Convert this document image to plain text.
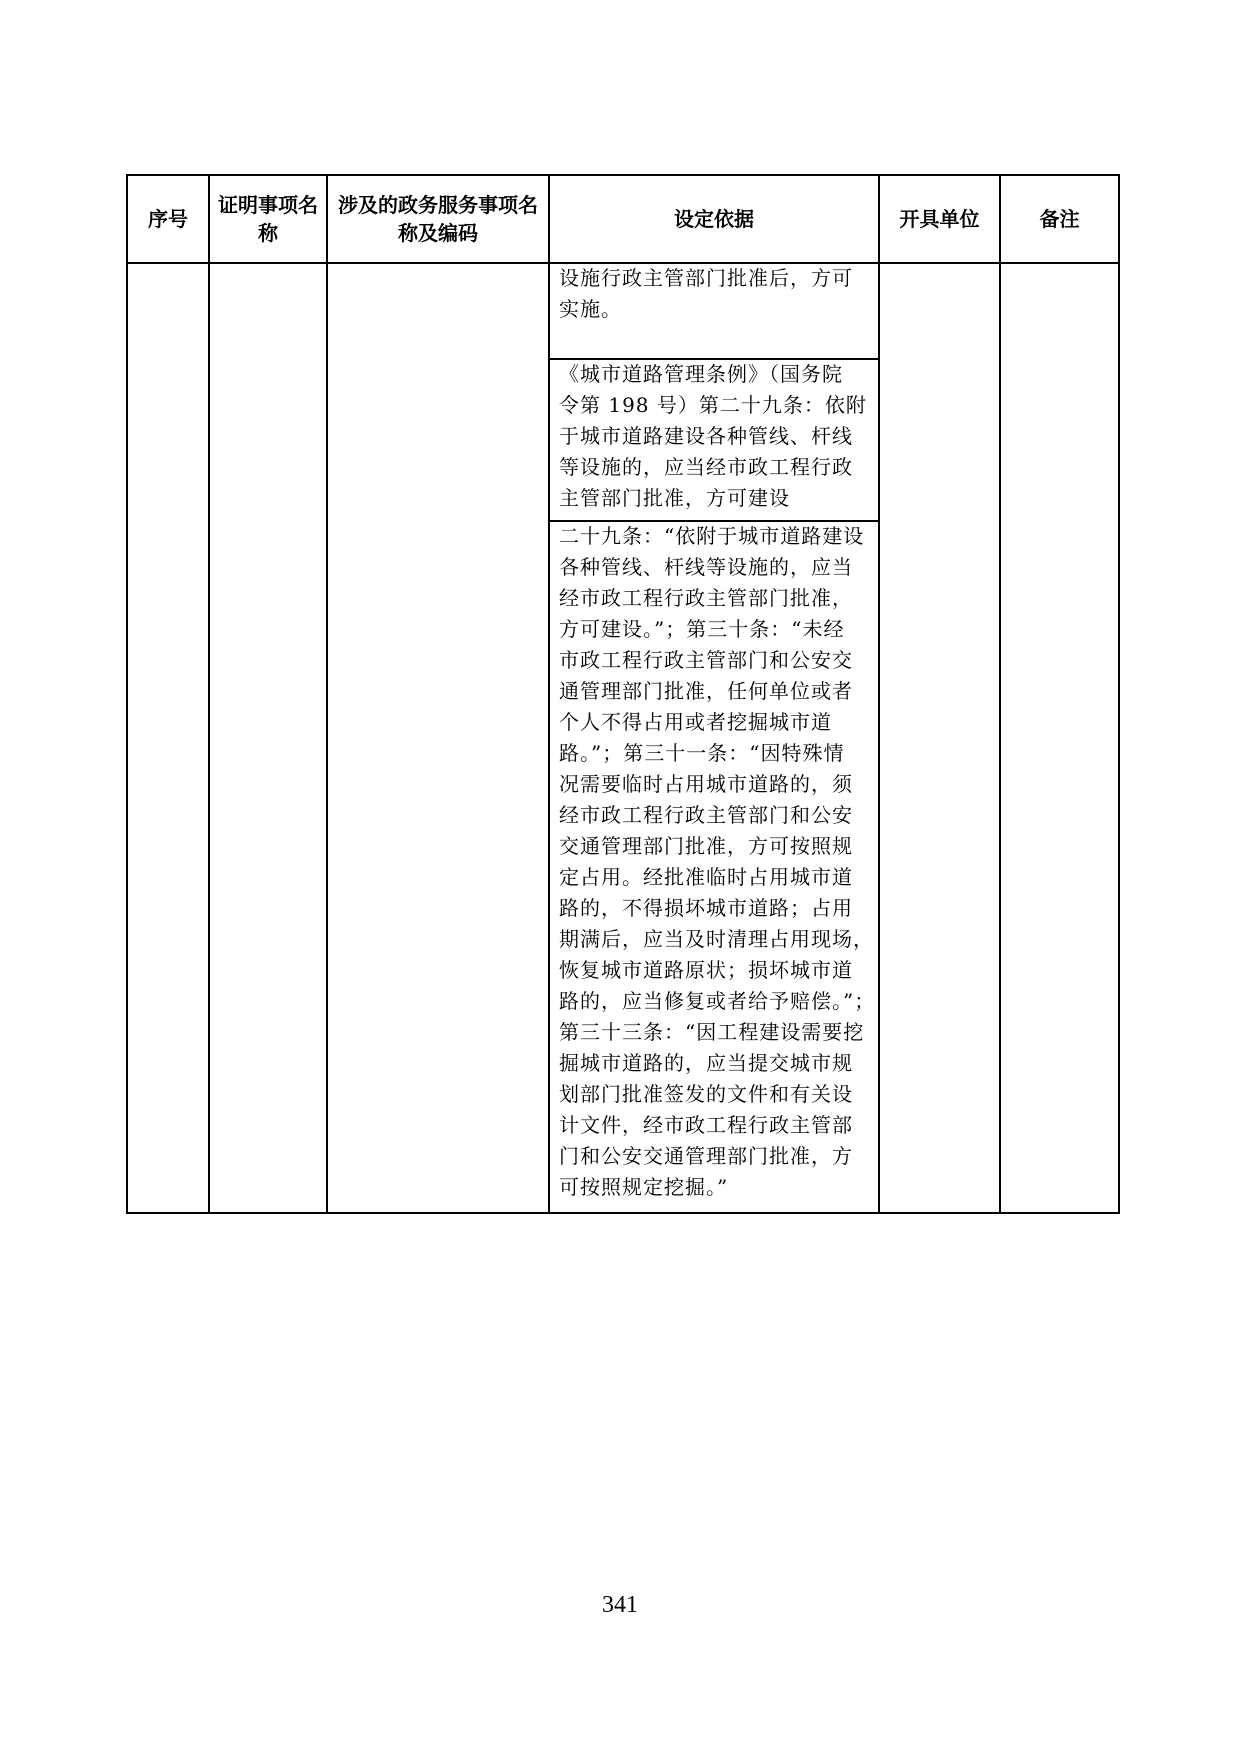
序号
证明事项名
称
涉及的政务服务事项名
称及编码
设定依据	开具单位	备注
设施行政主管部门批准后，方可
实施。
《城市道路管理条例》（国务院
令第 198 号）第二十九条：依附
于城市道路建设各种管线、杆线
等设施的，应当经市政工程行政
主管部门批准，方可建设
二十九条：“依附于城市道路建设
各种管线、杆线等设施的，应当
经市政工程行政主管部门批准，
方可建设。”；第三十条：“未经
市政工程行政主管部门和公安交
通管理部门批准，任何单位或者
个人不得占用或者挖掘城市道
路。”；第三十一条：“因特殊情
况需要临时占用城市道路的，须
经市政工程行政主管部门和公安
交通管理部门批准，方可按照规
定占用。经批准临时占用城市道
路的，不得损坏城市道路；占用
期满后，应当及时清理占用现场，
恢复城市道路原状；损坏城市道
路的，应当修复或者给予赔偿。”；
第三十三条：“因工程建设需要挖
掘城市道路的，应当提交城市规
划部门批准签发的文件和有关设
计文件，经市政工程行政主管部
门和公安交通管理部门批准，方
可按照规定挖掘。”
341
